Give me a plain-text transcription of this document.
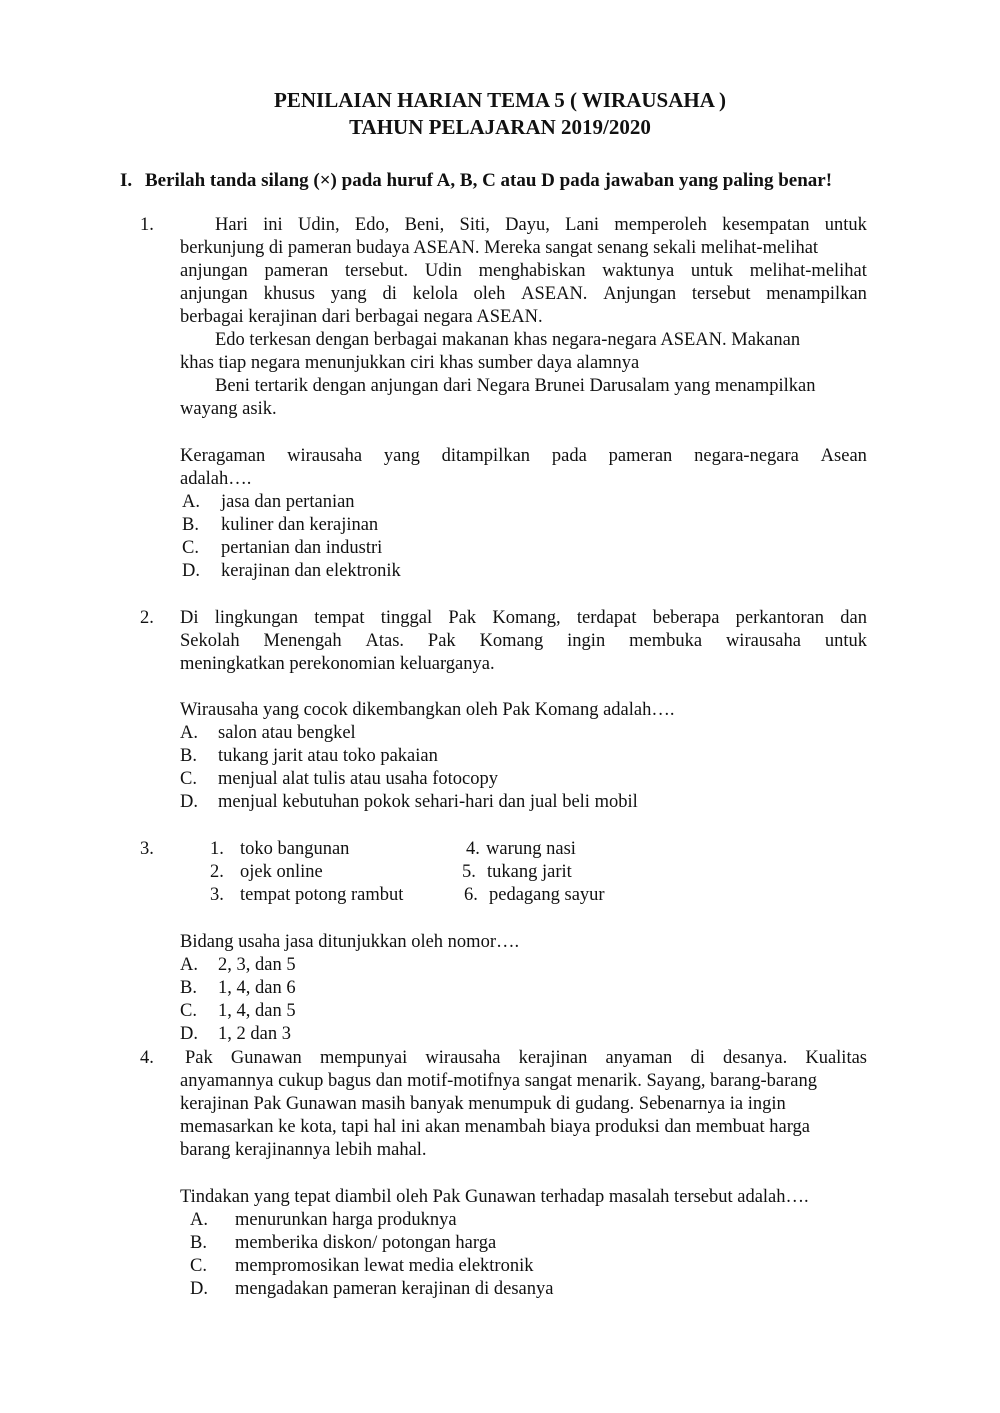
PENILAIAN HARIAN TEMA 5 ( WIRAUSAHA )
TAHUN PELAJARAN 2019/2020
I. Berilah tanda silang (×) pada huruf A, B, C atau D pada jawaban yang paling benar!
1.	Hari ini Udin, Edo, Beni, Siti, Dayu, Lani memperoleh kesempatan untuk
berkunjung di pameran budaya ASEAN. Mereka sangat senang sekali melihat-melihat
anjungan pameran tersebut. Udin menghabiskan waktunya untuk melihat-melihat
anjungan khusus yang di kelola oleh ASEAN. Anjungan tersebut menampilkan
berbagai kerajinan dari berbagai negara ASEAN.
Edo terkesan dengan berbagai makanan khas negara-negara ASEAN. Makanan
khas tiap negara menunjukkan ciri khas sumber daya alamnya
Beni tertarik dengan anjungan dari Negara Brunei Darusalam yang menampilkan
wayang asik.
Keragaman wirausaha yang ditampilkan pada pameran negara-negara Asean
adalah….
A. jasa dan pertanian
B. kuliner dan kerajinan
C. pertanian dan industri
D. kerajinan dan elektronik
2. Di lingkungan tempat tinggal Pak Komang, terdapat beberapa perkantoran dan
Sekolah Menengah Atas. Pak Komang ingin membuka wirausaha untuk
meningkatkan perekonomian keluarganya.
Wirausaha yang cocok dikembangkan oleh Pak Komang adalah….
A. salon atau bengkel
B. tukang jarit atau toko pakaian
C. menjual alat tulis atau usaha fotocopy
D. menjual kebutuhan pokok sehari-hari dan jual beli mobil
3.	1. toko bangunan
2. ojek online
3. tempat potong rambut
4. warung nasi
5. tukang jarit
6. pedagang sayur
Bidang usaha jasa ditunjukkan oleh nomor….
A. 2, 3, dan 5
B. 1, 4, dan 6
C. 1, 4, dan 5
D. 1, 2 dan 3
4. Pak Gunawan mempunyai wirausaha kerajinan anyaman di desanya. Kualitas
anyamannya cukup bagus dan motif-motifnya sangat menarik. Sayang, barang-barang
kerajinan Pak Gunawan masih banyak menumpuk di gudang. Sebenarnya ia ingin
memasarkan ke kota, tapi hal ini akan menambah biaya produksi dan membuat harga
barang kerajinannya lebih mahal.
Tindakan yang tepat diambil oleh Pak Gunawan terhadap masalah tersebut adalah….
A. menurunkan harga produknya
B. memberika diskon/ potongan harga
C. mempromosikan lewat media elektronik
D. mengadakan pameran kerajinan di desanya
